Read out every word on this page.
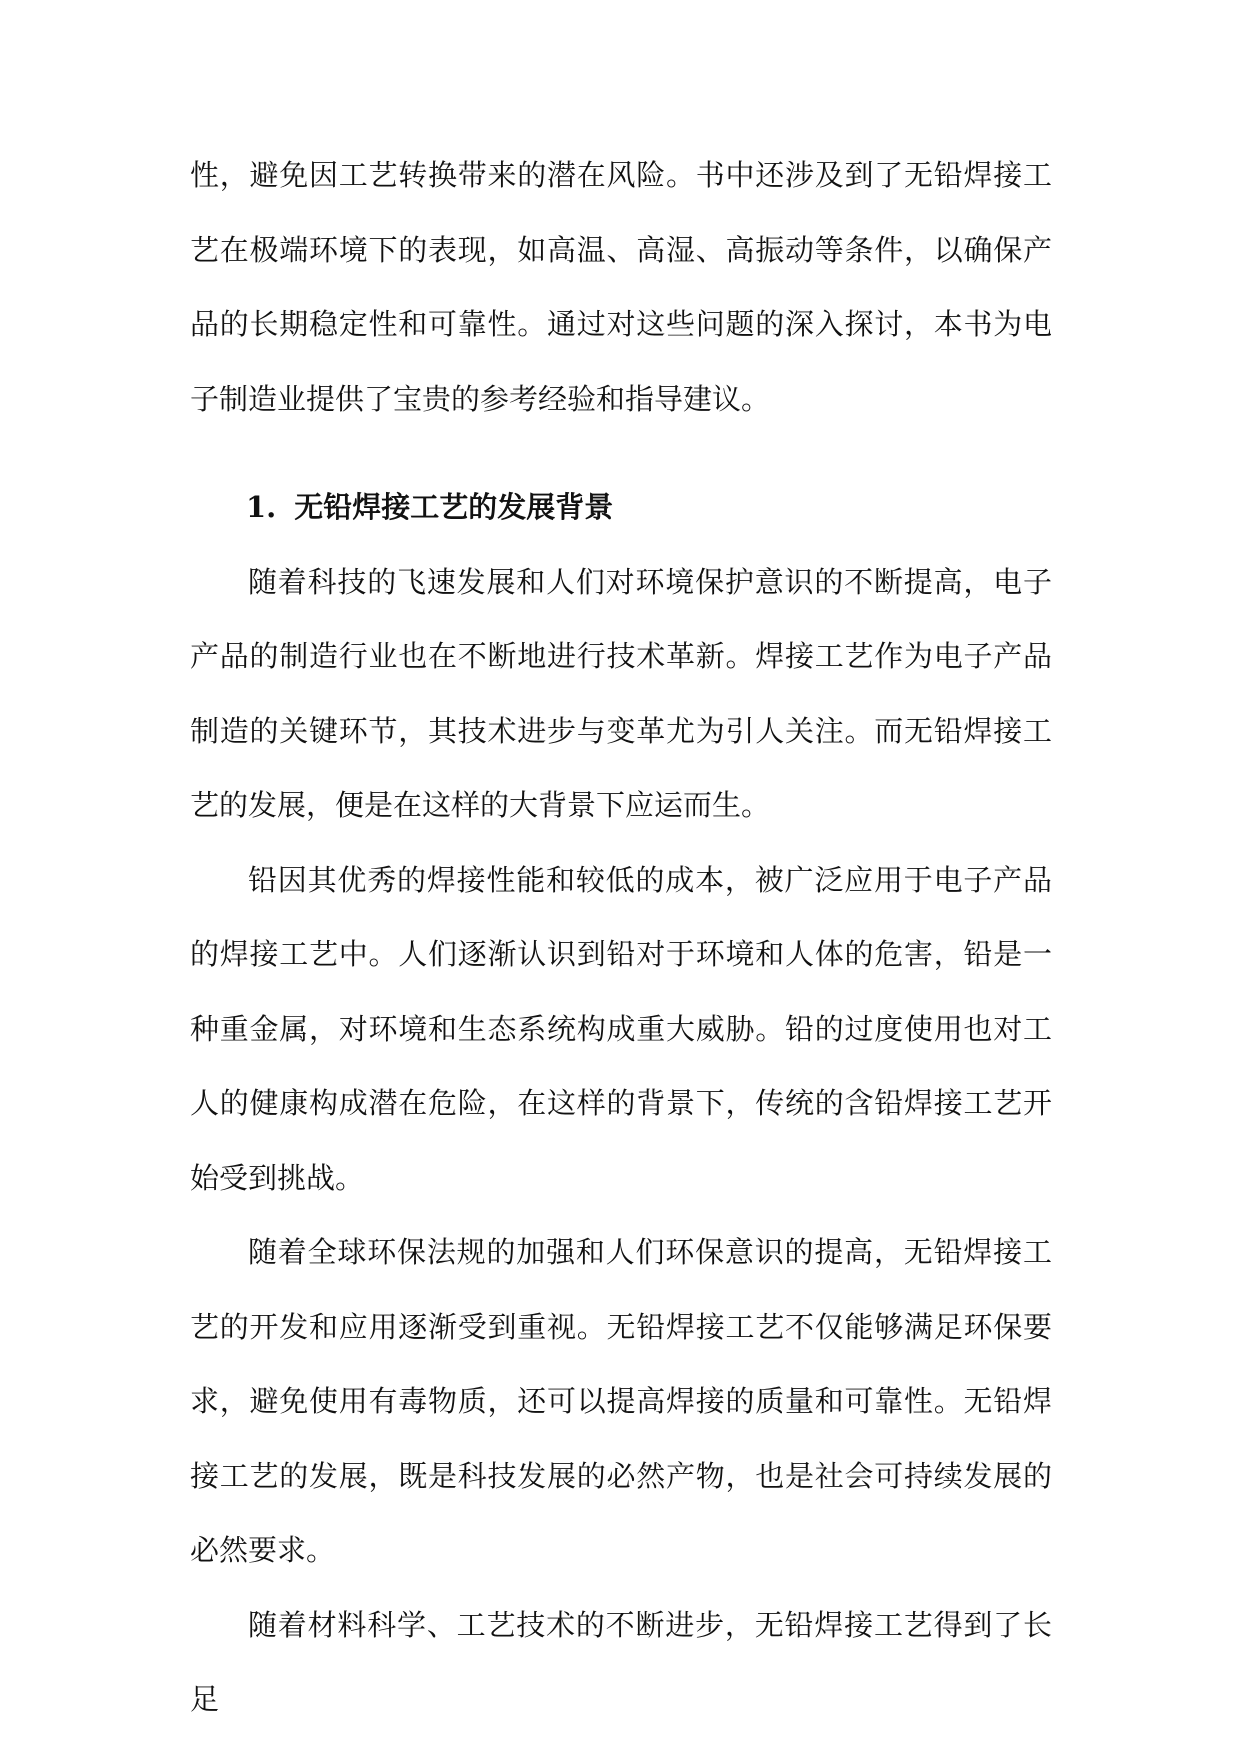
性，避免因工艺转换带来的潜在风险。书中还涉及到了无铅焊接工艺在极端环境下的表现，如高温、高湿、高振动等条件，以确保产品的长期稳定性和可靠性。通过对这些问题的深入探讨，本书为电子制造业提供了宝贵的参考经验和指导建议。

1. 无铅焊接工艺的发展背景

随着科技的飞速发展和人们对环境保护意识的不断提高，电子产品的制造行业也在不断地进行技术革新。焊接工艺作为电子产品制造的关键环节，其技术进步与变革尤为引人关注。而无铅焊接工艺的发展，便是在这样的大背景下应运而生。

铅因其优秀的焊接性能和较低的成本，被广泛应用于电子产品的焊接工艺中。人们逐渐认识到铅对于环境和人体的危害，铅是一种重金属，对环境和生态系统构成重大威胁。铅的过度使用也对工人的健康构成潜在危险，在这样的背景下，传统的含铅焊接工艺开始受到挑战。

随着全球环保法规的加强和人们环保意识的提高，无铅焊接工艺的开发和应用逐渐受到重视。无铅焊接工艺不仅能够满足环保要求，避免使用有毒物质，还可以提高焊接的质量和可靠性。无铅焊接工艺的发展，既是科技发展的必然产物，也是社会可持续发展的必然要求。

随着材料科学、工艺技术的不断进步，无铅焊接工艺得到了长足
